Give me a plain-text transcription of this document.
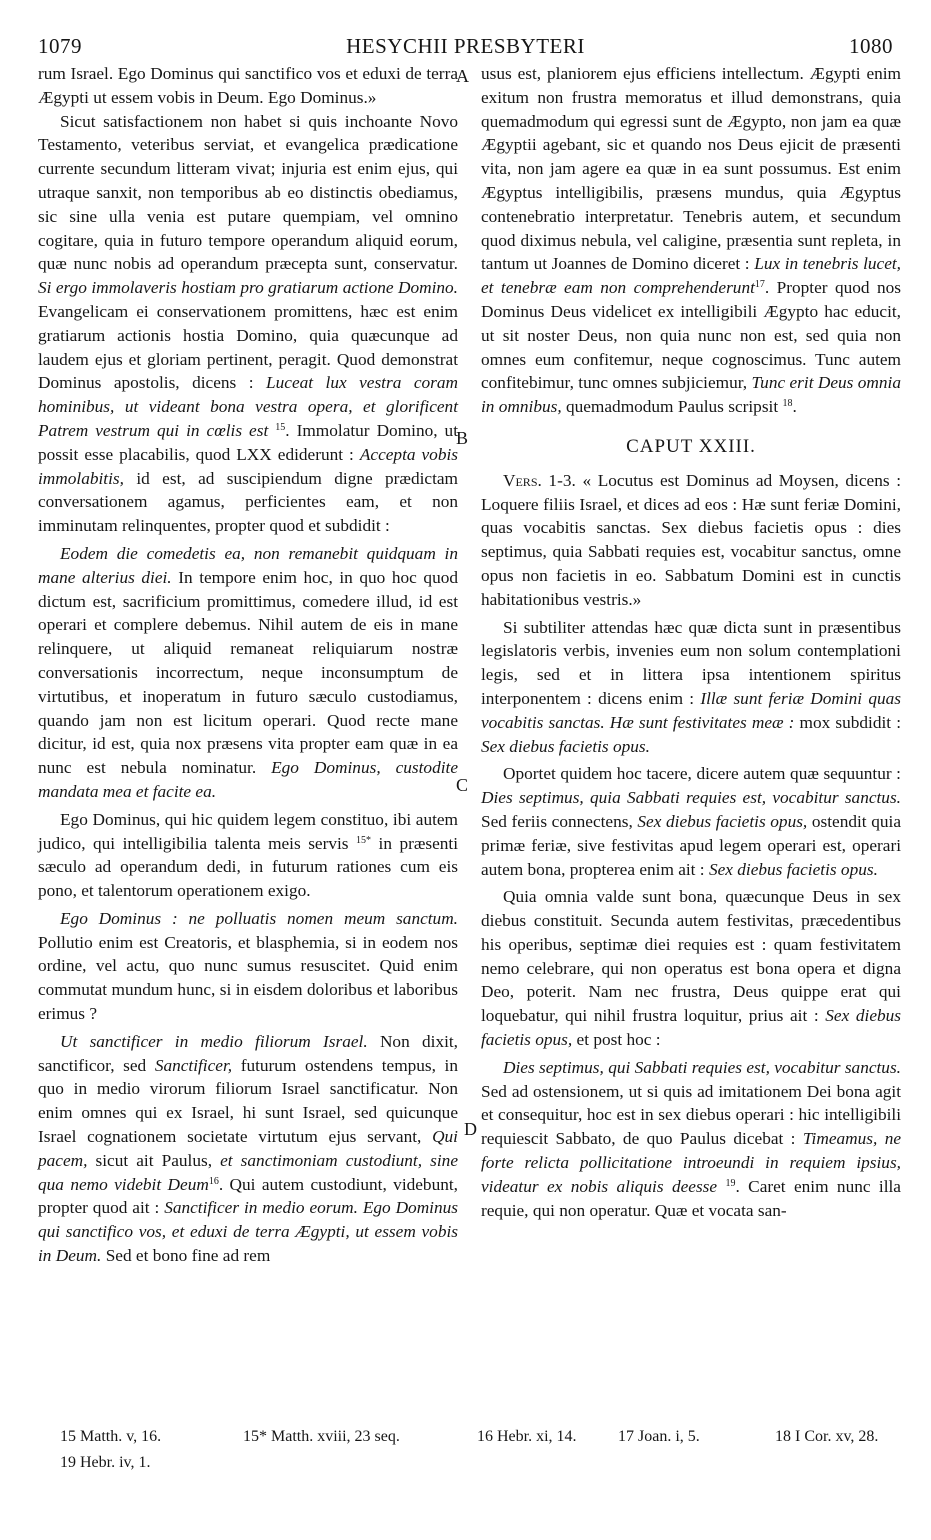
1079	HESYCHII PRESBYTERI	1080
A
B
C
D

rum Israel. Ego Dominus qui sanctifico vos et eduxi de terra Ægypti ut essem vobis in Deum. Ego Dominus.»

Sicut satisfactionem non habet si quis inchoante Novo Testamento, veteribus serviat, et evangelica prædicatione currente secundum litteram vivat; injuria est enim ejus, qui utraque sanxit, non temporibus ab eo distinctis obediamus, sic sine ulla venia est putare quempiam, vel omnino cogitare, quia in futuro tempore operandum aliquid eorum, quæ nunc nobis ad operandum præcepta sunt, conservatur. Si ergo immolaveris hostiam pro gratiarum actione Domino. Evangelicam ei conservationem promittens, hæc est enim gratiarum actionis hostia Domino, quia quæcunque ad laudem ejus et gloriam pertinent, peragit. Quod demonstrat Dominus apostolis, dicens : Luceat lux vestra coram hominibus, ut videant bona vestra opera, et glorificent Patrem vestrum qui in cœlis est $^{15}$. Immolatur Domino, ut possit esse placabilis, quod LXX ediderunt : Accepta vobis immolabitis, id est, ad suscipiendum digne prædictam conversationem agamus, perficientes eam, et non imminutam relinquentes, propter quod et subdidit :

Eodem die comedetis ea, non remanebit quidquam in mane alterius diei. In tempore enim hoc, in quo hoc quod dictum est, sacrificium promittimus, comedere illud, id est operari et complere debemus. Nihil autem de eis in mane relinquere, ut aliquid remaneat reliquiarum nostræ conversationis incorrectum, neque inconsumptum de virtutibus, et inoperatum in futuro sæculo custodiamus, quando jam non est licitum operari. Quod recte mane dicitur, id est, quia nox præsens vita propter eam quæ in ea nunc est nebula nominatur. Ego Dominus, custodite mandata mea et facite ea.

Ego Dominus, qui hic quidem legem constituo, ibi autem judico, qui intelligibilia talenta meis servis $^{15*}$ in præsenti sæculo ad operandum dedi, in futurum rationes cum eis pono, et talentorum operationem exigo.

Ego Dominus : ne polluatis nomen meum sanctum. Pollutio enim est Creatoris, et blasphemia, si in eodem nos ordine, vel actu, quo nunc sumus resuscitet. Quid enim commutat mundum hunc, si in eisdem doloribus et laboribus erimus ?

Ut sanctificer in medio filiorum Israel. Non dixit, sanctificor, sed Sanctificer, futurum ostendens tempus, in quo in medio virorum filiorum Israel sanctificatur. Non enim omnes qui ex Israel, hi sunt Israel, sed quicunque Israel cognationem societate virtutum ejus servant, Qui pacem, sicut ait Paulus, et sanctimoniam custodiunt, sine qua nemo videbit Deum$^{16}$. Qui autem custodiunt, videbunt, propter quod ait : Sanctificer in medio eorum. Ego Dominus qui sanctifico vos, et eduxi de terra Ægypti, ut essem vobis in Deum. Sed et bono fine ad rem

usus est, planiorem ejus efficiens intellectum. Ægypti enim exitum non frustra memoratus et illud demonstrans, quia quemadmodum qui egressi sunt de Ægypto, non jam ea quæ Ægyptii agebant, sic et quando nos Deus ejicit de præsenti vita, non jam agere ea quæ in ea sunt possumus. Est enim Ægyptus intelligibilis, præsens mundus, quia Ægyptus contenebratio interpretatur. Tenebris autem, et secundum quod diximus nebula, vel caligine, præsentia sunt repleta, in tantum ut Joannes de Domino diceret : Lux in tenebris lucet, et tenebræ eam non comprehenderunt$^{17}$. Propter quod nos Dominus Deus videlicet ex intelligibili Ægypto hac educit, ut sit noster Deus, non quia nunc non est, sed quia non omnes eum confitemur, neque cognoscimus. Tunc autem confitebimur, tunc omnes subjiciemur, Tunc erit Deus omnia in omnibus, quemadmodum Paulus scripsit $^{18}$.

CAPUT XXIII.

Vers. 1-3. « Locutus est Dominus ad Moysen, dicens : Loquere filiis Israel, et dices ad eos : Hæ sunt feriæ Domini, quas vocabitis sanctas. Sex diebus facietis opus : dies septimus, quia Sabbati requies est, vocabitur sanctus, omne opus non facietis in eo. Sabbatum Domini est in cunctis habitationibus vestris.»

Si subtiliter attendas hæc quæ dicta sunt in præsentibus legislatoris verbis, invenies eum non solum contemplationi legis, sed et in littera ipsa intentionem spiritus interponentem : dicens enim : Illæ sunt feriæ Domini quas vocabitis sanctas. Hæ sunt festivitates meæ : mox subdidit : Sex diebus facietis opus.

Oportet quidem hoc tacere, dicere autem quæ sequuntur : Dies septimus, quia Sabbati requies est, vocabitur sanctus. Sed feriis connectens, Sex diebus facietis opus, ostendit quia primæ feriæ, sive festivitas apud legem operari est, operari autem bona, propterea enim ait : Sex diebus facietis opus.

Quia omnia valde sunt bona, quæcunque Deus in sex diebus constituit. Secunda autem festivitas, præcedentibus his operibus, septimæ diei requies est : quam festivitatem nemo celebrare, qui non operatus est bona opera et digna Deo, poterit. Nam nec frustra, Deus quippe erat qui loquebatur, qui nihil frustra loquitur, prius ait : Sex diebus facietis opus, et post hoc :

Dies septimus, qui Sabbati requies est, vocabitur sanctus. Sed ad ostensionem, ut si quis ad imitationem Dei bona agit et consequitur, hoc est in sex diebus operari : hic intelligibili requiescit Sabbato, de quo Paulus dicebat : Timeamus, ne forte relicta pollicitatione introeundi in requiem ipsius, videatur ex nobis aliquis deesse $^{19}$. Caret enim nunc illa requie, qui non operatur. Quæ et vocata san-

15 Matth. v, 16.	15* Matth. xviii, 23 seq.	16 Hebr. xi, 14.	17 Joan. i, 5.	18 I Cor. xv, 28.
19 Hebr. iv, 1.
